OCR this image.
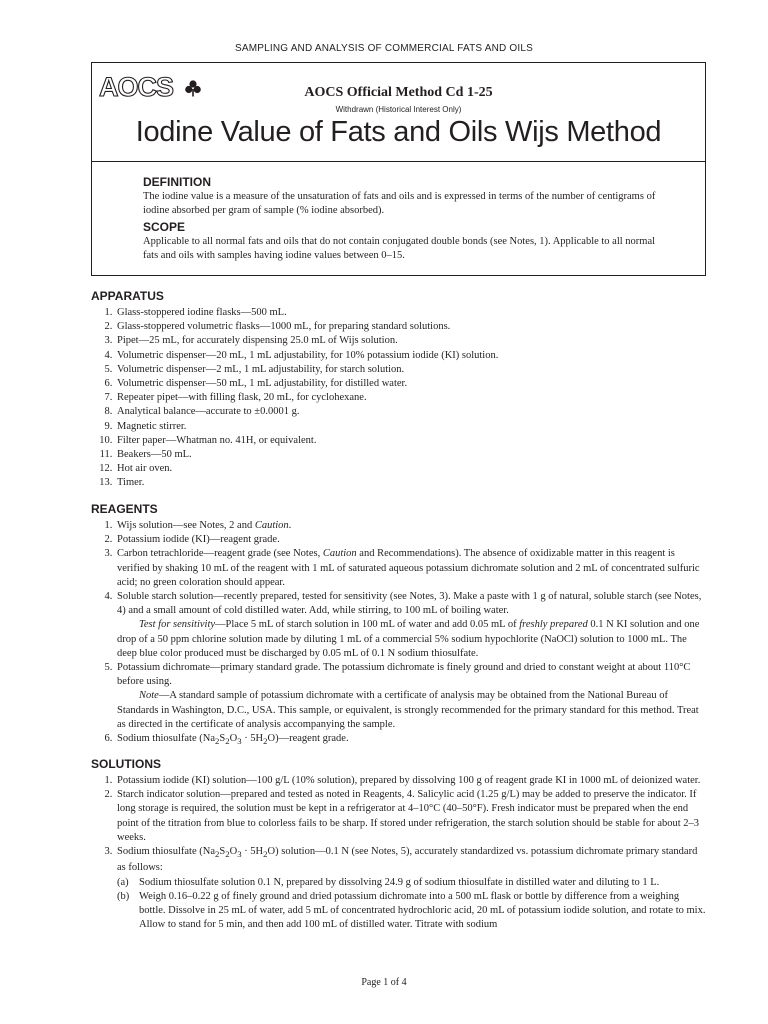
SAMPLING AND ANALYSIS OF COMMERCIAL FATS AND OILS
AOCS	AOCS Official Method Cd 1-25
Withdrawn (Historical Interest Only)
Iodine Value of Fats and Oils Wijs Method
DEFINITION

The iodine value is a measure of the unsaturation of fats and oils and is expressed in terms of the number of centigrams of iodine absorbed per gram of sample (% iodine absorbed).

SCOPE

Applicable to all normal fats and oils that do not contain conjugated double bonds (see Notes, 1). Applicable to all normal fats and oils with samples having iodine values between 0–15.

APPARATUS
1. Glass-stoppered iodine flasks—500 mL.
2. Glass-stoppered volumetric flasks—1000 mL, for preparing standard solutions.
3. Pipet—25 mL, for accurately dispensing 25.0 mL of Wijs solution.
4. Volumetric dispenser—20 mL, 1 mL adjustability, for 10% potassium iodide (KI) solution.
5. Volumetric dispenser—2 mL, 1 mL adjustability, for starch solution.
6. Volumetric dispenser—50 mL, 1 mL adjustability, for distilled water.
7. Repeater pipet—with filling flask, 20 mL, for cyclohexane.
8. Analytical balance—accurate to ±0.0001 g.
9. Magnetic stirrer.
10. Filter paper—Whatman no. 41H, or equivalent.
11. Beakers—50 mL.
12. Hot air oven.
13. Timer.
REAGENTS
1. Wijs solution—see Notes, 2 and Caution.
2. Potassium iodide (KI)—reagent grade.
3. Carbon tetrachloride—reagent grade (see Notes, Caution and Recommendations). The absence of oxidizable matter in this reagent is verified by shaking 10 mL of the reagent with 1 mL of saturated aqueous potassium dichromate solution and 2 mL of concentrated sulfuric acid; no green coloration should appear.
4. Soluble starch solution—recently prepared, tested for sensitivity (see Notes, 3). Make a paste with 1 g of natural, soluble starch (see Notes, 4) and a small amount of cold distilled water. Add, while stirring, to 100 mL of boiling water.

Test for sensitivity—Place 5 mL of starch solution in 100 mL of water and add 0.05 mL of freshly prepared 0.1 N KI solution and one drop of a 50 ppm chlorine solution made by diluting 1 mL of a commercial 5% sodium hypochlorite (NaOCl) solution to 1000 mL. The deep blue color produced must be discharged by 0.05 mL of 0.1 N sodium thiosulfate.

5. Potassium dichromate—primary standard grade. The potassium dichromate is finely ground and dried to constant weight at about 110°C before using.

Note—A standard sample of potassium dichromate with a certificate of analysis may be obtained from the National Bureau of Standards in Washington, D.C., USA. This sample, or equivalent, is strongly recommended for the primary standard for this method. Treat as directed in the certificate of analysis accompanying the sample.

6. Sodium thiosulfate ($Na_2S_2O_3$ · $5H_2O)—reagent$ grade.
SOLUTIONS
1. Potassium iodide (KI) solution—100 g/L (10% solution), prepared by dissolving 100 g of reagent grade KI in 1000 mL of deionized water.
2. Starch indicator solution—prepared and tested as noted in Reagents, 4. Salicylic acid (1.25 g/L) may be added to preserve the indicator. If long storage is required, the solution must be kept in a refrigerator at 4–10°C (40–50°F). Fresh indicator must be prepared when the end point of the titration from blue to colorless fails to be sharp. If stored under refrigeration, the starch solution should be stable for about 2–3 weeks.
3. Sodium thiosulfate $(Na_2S_2O_3 \cdot 5H_2O)$ solution—0.1 N (see Notes, 5), accurately standardized vs. potassium dichromate primary standard as follows:
(a) Sodium thiosulfate solution 0.1 N, prepared by dissolving 24.9 g of sodium thiosulfate in distilled water and diluting to 1 L.
(b) Weigh 0.16–0.22 g of finely ground and dried potassium dichromate into a 500 mL flask or bottle by difference from a weighing bottle. Dissolve in 25 mL of water, add 5 mL of concentrated hydrochloric acid, 20 mL of potassium iodide solution, and rotate to mix. Allow to stand for 5 min, and then add 100 mL of distilled water. Titrate with sodium
Page 1 of 4
